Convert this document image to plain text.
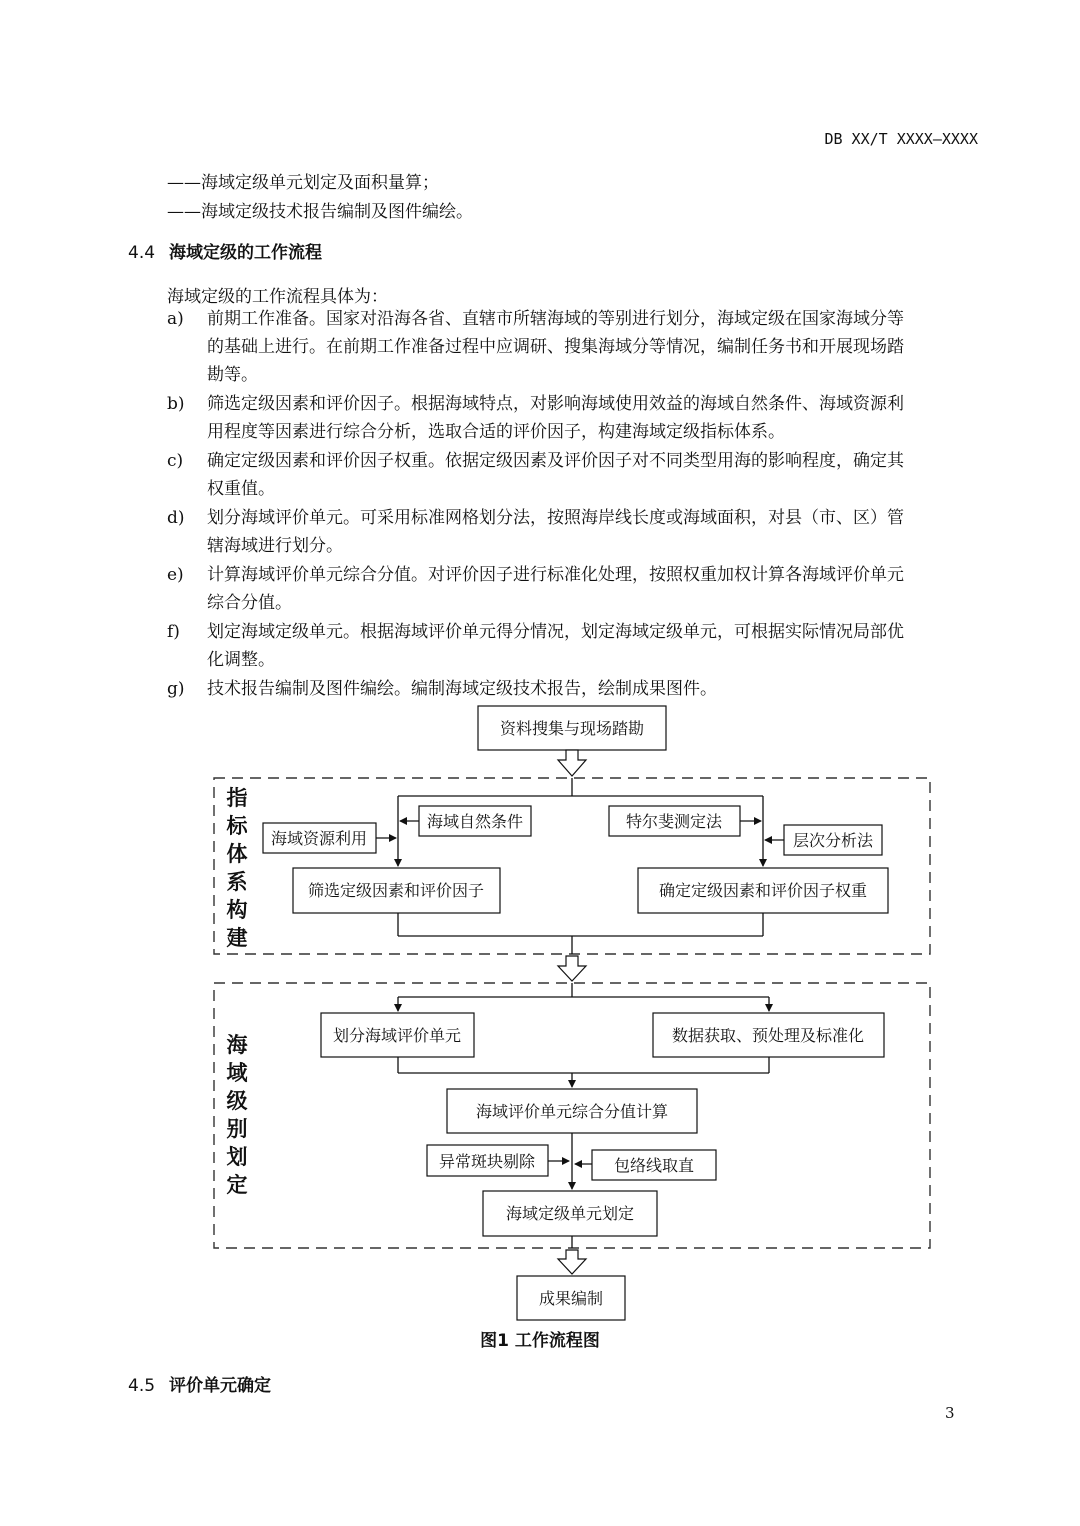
DB XX/T XXXX—XXXX
——海域定级单元划定及面积量算；
——海域定级技术报告编制及图件编绘。
4.4 海域定级的工作流程
海域定级的工作流程具体为：
a) 前期工作准备。国家对沿海各省、直辖市所辖海域的等别进行划分，海域定级在国家海域分等
的基础上进行。在前期工作准备过程中应调研、搜集海域分等情况，编制任务书和开展现场踏
勘等。
b) 筛选定级因素和评价因子。根据海域特点，对影响海域使用效益的海域自然条件、海域资源利
用程度等因素进行综合分析，选取合适的评价因子，构建海域定级指标体系。
c) 确定定级因素和评价因子权重。依据定级因素及评价因子对不同类型用海的影响程度，确定其
权重值。
d) 划分海域评价单元。可采用标准网格划分法，按照海岸线长度或海域面积，对县（市、区）管
辖海域进行划分。
e) 计算海域评价单元综合分值。对评价因子进行标准化处理，按照权重加权计算各海域评价单元
综合分值。
f) 划定海域定级单元。根据海域评价单元得分情况，划定海域定级单元，可根据实际情况局部优
化调整。
g) 技术报告编制及图件编绘。编制海域定级技术报告，绘制成果图件。
资料搜集与现场踏勘
指
标
体
系
构
建
海域自然条件
海域资源利用
特尔斐测定法
层次分析法
筛选定级因素和评价因子	确定定级因素和评价因子权重
海
域
级
别
划
定
划分海域评价单元	数据获取、预处理及标准化
海域评价单元综合分值计算
异常斑块剔除	包络线取直
海域定级单元划定
成果编制
图1 工作流程图
4.5 评价单元确定
3
